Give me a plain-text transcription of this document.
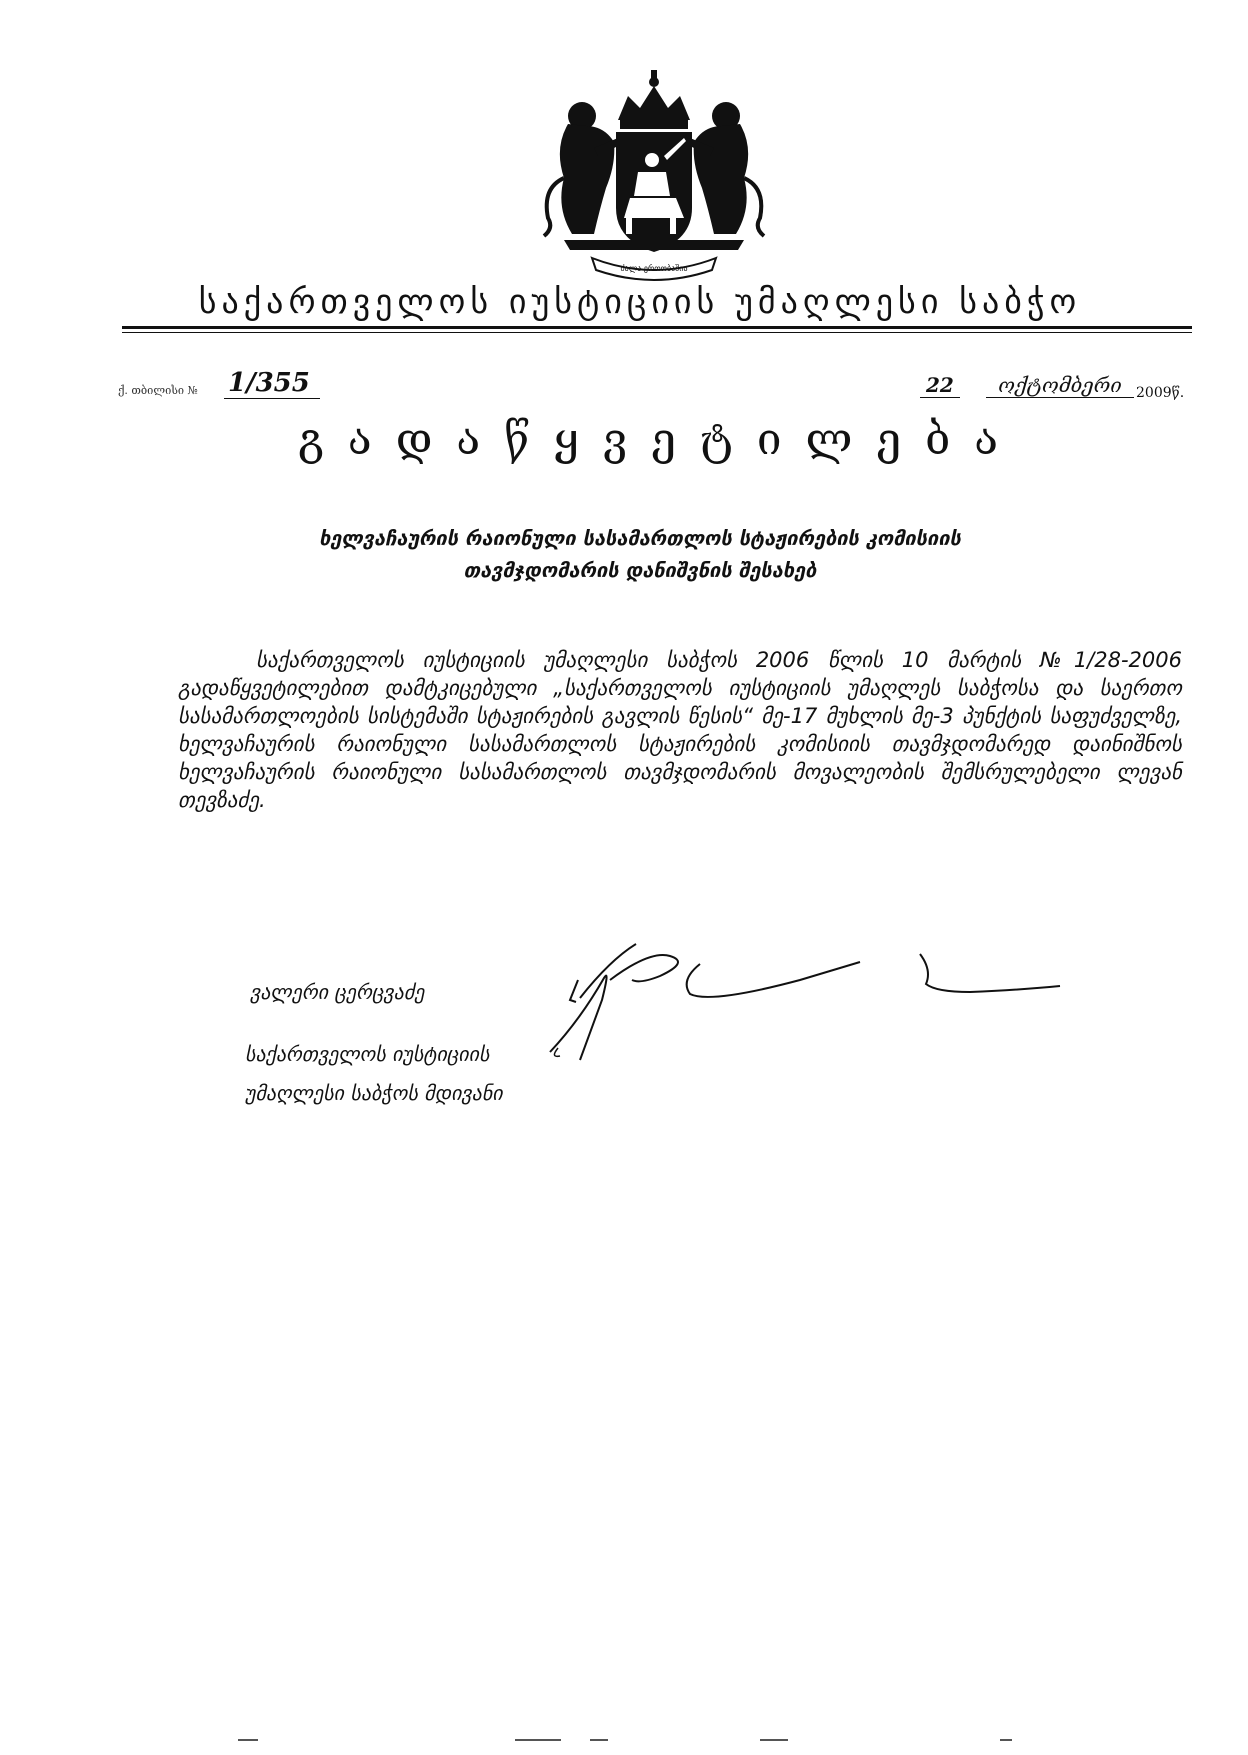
ძალა ერთობაშია
საქართველოს იუსტიციის უმაღლესი საბჭო
ქ. თბილისი № 1/355	22	ოქტომბერი	2009წ.
გადაწყვეტილება
ხელვაჩაურის რაიონული სასამართლოს სტაჟირების კომისიის
თავმჯდომარის დანიშვნის შესახებ
საქართველოს იუსტიციის უმაღლესი საბჭოს 2006 წლის 10 მარტის №1/28-2006 გადაწყვეტილებით დამტკიცებული „საქართველოს იუსტიციის უმაღლეს საბჭოსა და საერთო სასამართლოების სისტემაში სტაჟირების გავლის წესის“ მე-17 მუხლის მე-3 პუნქტის საფუძველზე, ხელვაჩაურის რაიონული სასამართლოს სტაჟირების კომისიის თავმჯდომარედ დაინიშნოს ხელვაჩაურის რაიონული სასამართლოს თავმჯდომარის მოვალეობის შემსრულებელი ლევან თევზაძე.
ვალერი ცერცვაძე
საქართველოს იუსტიციის
უმაღლესი საბჭოს მდივანი
